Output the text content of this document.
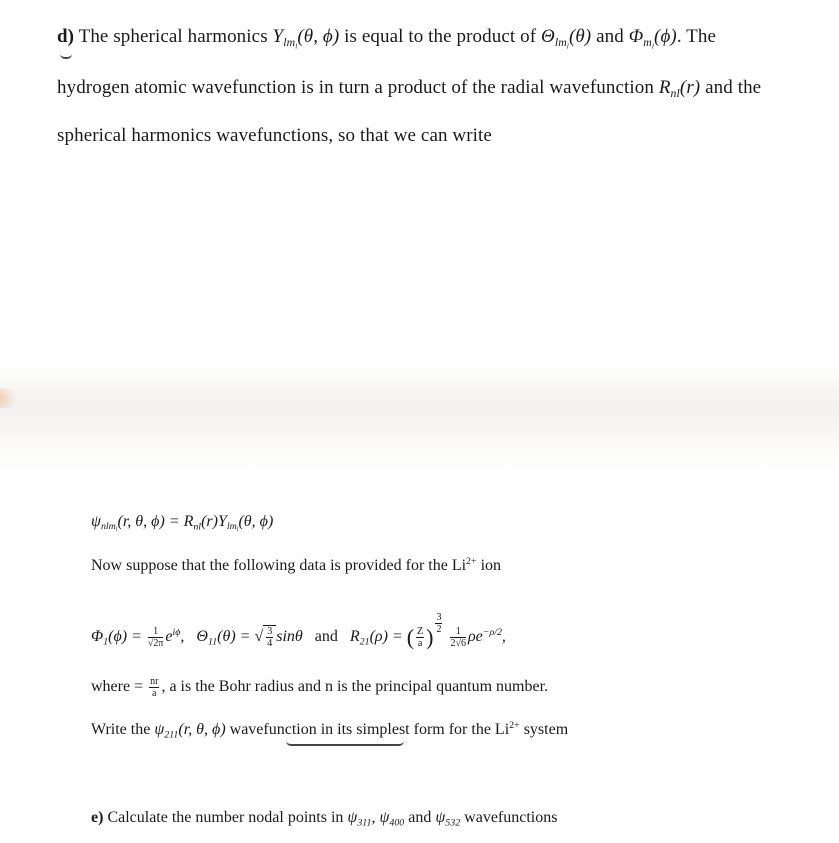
d) The spherical harmonics $Y_{lm_l}(\theta$, ϕ) is equal to the product of $\Theta_{lm_l}(\theta)$ and $\Phi_{m_l}(\phi)$. The
hydrogen atomic wavefunction is in turn a product of the radial wavefunction $R_{nl}(r)$ and the
spherical harmonics wavefunctions, so that we can write
$\psi_{nlm_l}(r$, θ, $\phi) = R_{nl}(r)Y_{lm_l}(\theta$, ϕ)
Now suppose that the following data is provided for the $Li^{2+}$ ion
$\Phi_1(\phi) = \frac{1}{√2\pi} e^{i\phi}$, $\Theta_{11}(\theta)$ = √ $\frac{3}{4}$ sinθ and $R_{21}(\rho)$ = ( $\frac{Z}{a}$ )
$^{\frac{3}{2}}$

$\frac{1}{2√6} \rho e^{-\rho/2}$,
where = $\frac{nr}{a}$ , a is the Bohr radius and n is the principal quantum number.
Write the $\psi_{211}(r$, θ, ϕ) wavefunction in its simplest form for the $Li^{2+}$ system
e) Calculate the number nodal points in $\psi_{311}$, $\psi_{400}$ and $\psi_{532}$ wavefunctions
